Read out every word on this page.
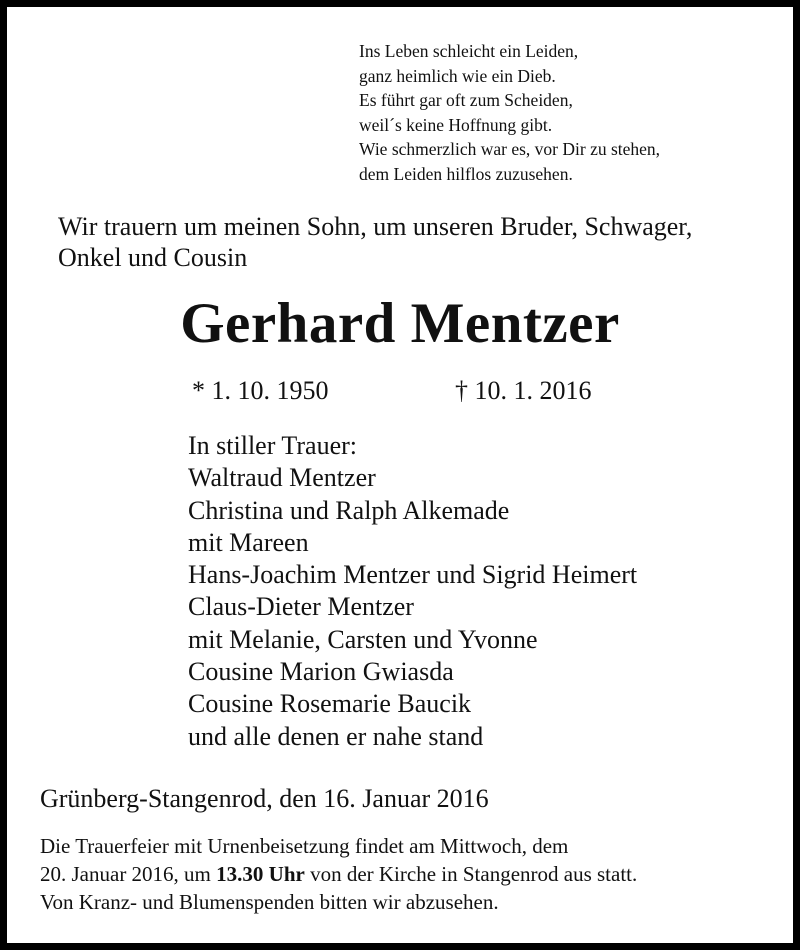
Ins Leben schleicht ein Leiden,
ganz heimlich wie ein Dieb.
Es führt gar oft zum Scheiden,
weil´s keine Hoffnung gibt.
Wie schmerzlich war es, vor Dir zu stehen,
dem Leiden hilflos zuzusehen.
Wir trauern um meinen Sohn, um unseren Bruder, Schwager,
Onkel und Cousin
Gerhard Mentzer
* 1. 10. 1950	† 10. 1. 2016
In stiller Trauer:
Waltraud Mentzer
Christina und Ralph Alkemade
mit Mareen
Hans-Joachim Mentzer und Sigrid Heimert
Claus-Dieter Mentzer
mit Melanie, Carsten und Yvonne
Cousine Marion Gwiasda
Cousine Rosemarie Baucik
und alle denen er nahe stand
Grünberg-Stangenrod, den 16. Januar 2016
Die Trauerfeier mit Urnenbeisetzung findet am Mittwoch, dem
20. Januar 2016, um 13.30 Uhr von der Kirche in Stangenrod aus statt.
Von Kranz- und Blumenspenden bitten wir abzusehen.
